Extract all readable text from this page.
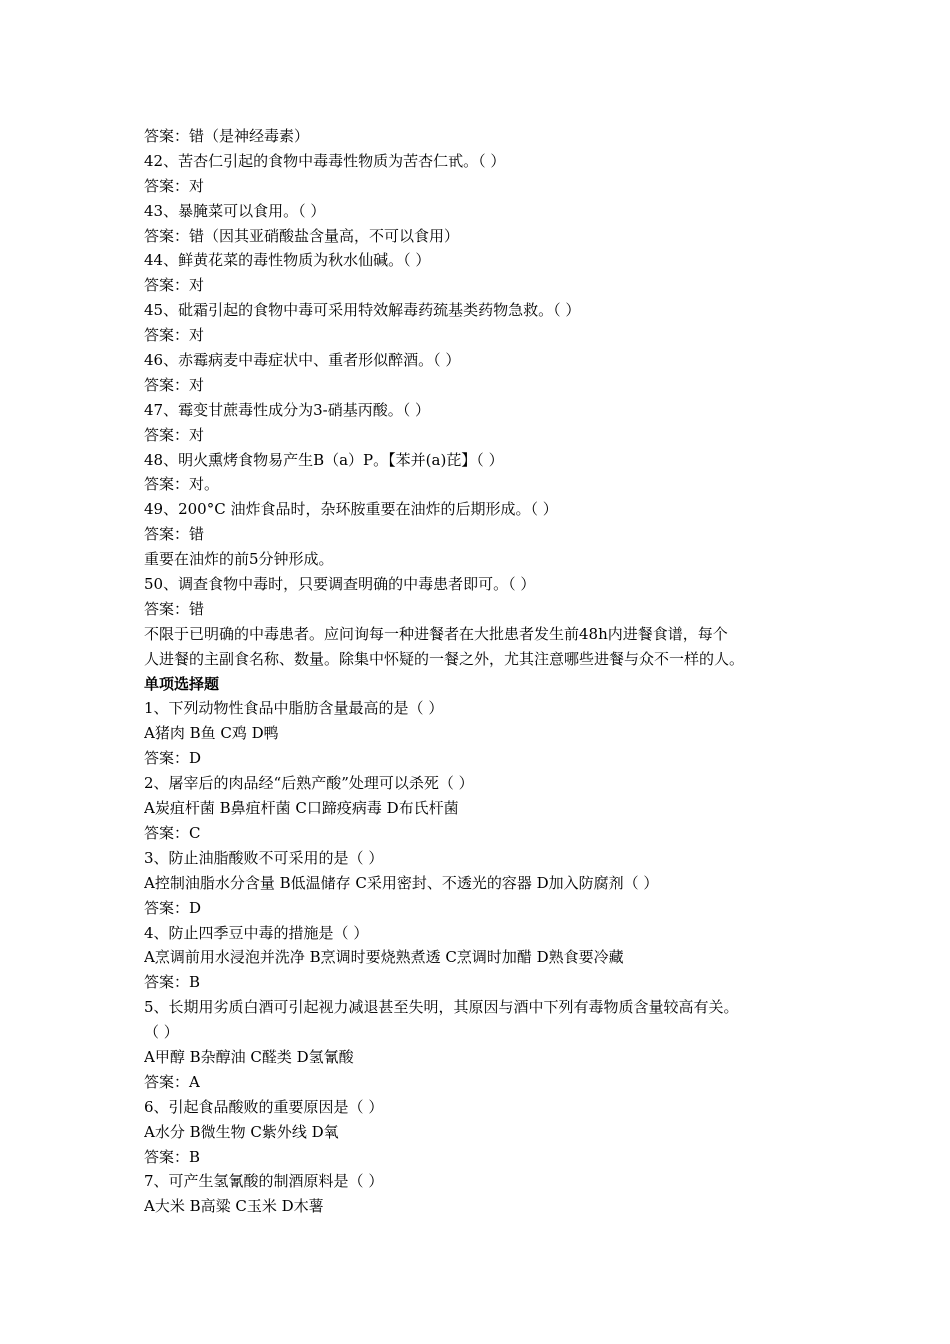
答案：错（是神经毒素）
42、苦杏仁引起的食物中毒毒性物质为苦杏仁甙。（ ）
答案：对
43、暴腌菜可以食用。（ ）
答案：错（因其亚硝酸盐含量高，不可以食用）
44、鲜黄花菜的毒性物质为秋水仙碱。（ ）
答案：对
45、砒霜引起的食物中毒可采用特效解毒药巯基类药物急救。（ ）
答案：对
46、赤霉病麦中毒症状中、重者形似醉酒。（ ）
答案：对
47、霉变甘蔗毒性成分为3-硝基丙酸。（ ）
答案：对
48、明火熏烤食物易产生B（a）P。【苯并(a)芘】（ ）
答案：对。
49、200°C 油炸食品时，杂环胺重要在油炸的后期形成。（ ）
答案：错
重要在油炸的前5分钟形成。
50、调查食物中毒时，只要调查明确的中毒患者即可。（ ）
答案：错
不限于已明确的中毒患者。应问询每一种进餐者在大批患者发生前48h内进餐食谱，每个
人进餐的主副食名称、数量。除集中怀疑的一餐之外，尤其注意哪些进餐与众不一样的人。
单项选择题
1、下列动物性食品中脂肪含量最高的是（ ）
A猪肉 B鱼 C鸡 D鸭
答案：D
2、屠宰后的肉品经“后熟产酸”处理可以杀死（ ）
A炭疽杆菌 B鼻疽杆菌 C口蹄疫病毒 D布氏杆菌
答案：C
3、防止油脂酸败不可采用的是（ ）
A控制油脂水分含量 B低温储存 C采用密封、不透光的容器 D加入防腐剂（ ）
答案：D
4、防止四季豆中毒的措施是（ ）
A烹调前用水浸泡并洗净 B烹调时要烧熟煮透 C烹调时加醋 D熟食要冷藏
答案：B
5、长期用劣质白酒可引起视力减退甚至失明，其原因与酒中下列有毒物质含量较高有关。
（ ）
A甲醇 B杂醇油 C醛类 D氢氰酸
答案：A
6、引起食品酸败的重要原因是（ ）
A水分 B微生物 C紫外线 D氧
答案：B
7、可产生氢氰酸的制酒原料是（ ）
A大米 B高粱 C玉米 D木薯
